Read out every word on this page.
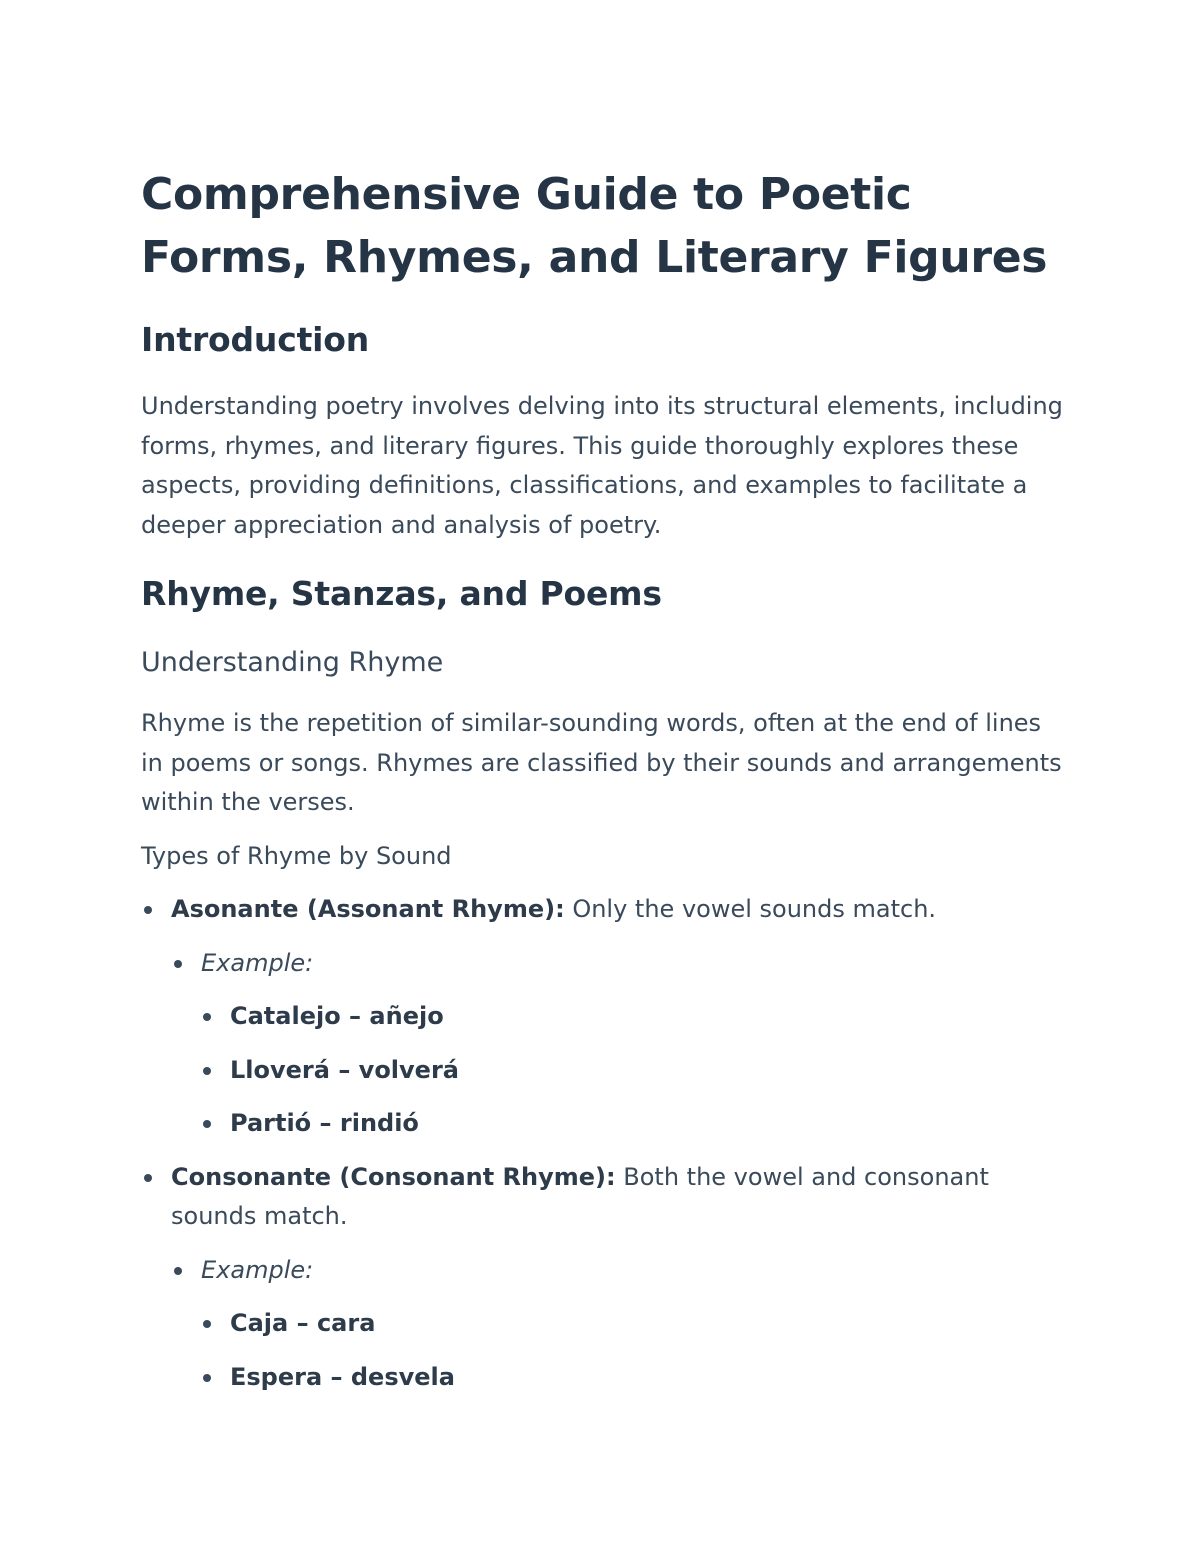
Comprehensive Guide to Poetic Forms, Rhymes, and Literary Figures
Introduction

Understanding poetry involves delving into its structural elements, including forms, rhymes, and literary figures. This guide thoroughly explores these aspects, providing definitions, classifications, and examples to facilitate a deeper appreciation and analysis of poetry.

Rhyme, Stanzas, and Poems
Understanding Rhyme

Rhyme is the repetition of similar-sounding words, often at the end of lines in poems or songs. Rhymes are classified by their sounds and arrangements within the verses.

Types of Rhyme by Sound
Asonante (Assonant Rhyme): Only the vowel sounds match.
Example:
Catalejo – añejo
Lloverá – volverá
Partió – rindió
Consonante (Consonant Rhyme): Both the vowel and consonant sounds match.
Example:
Caja – cara
Espera – desvela
